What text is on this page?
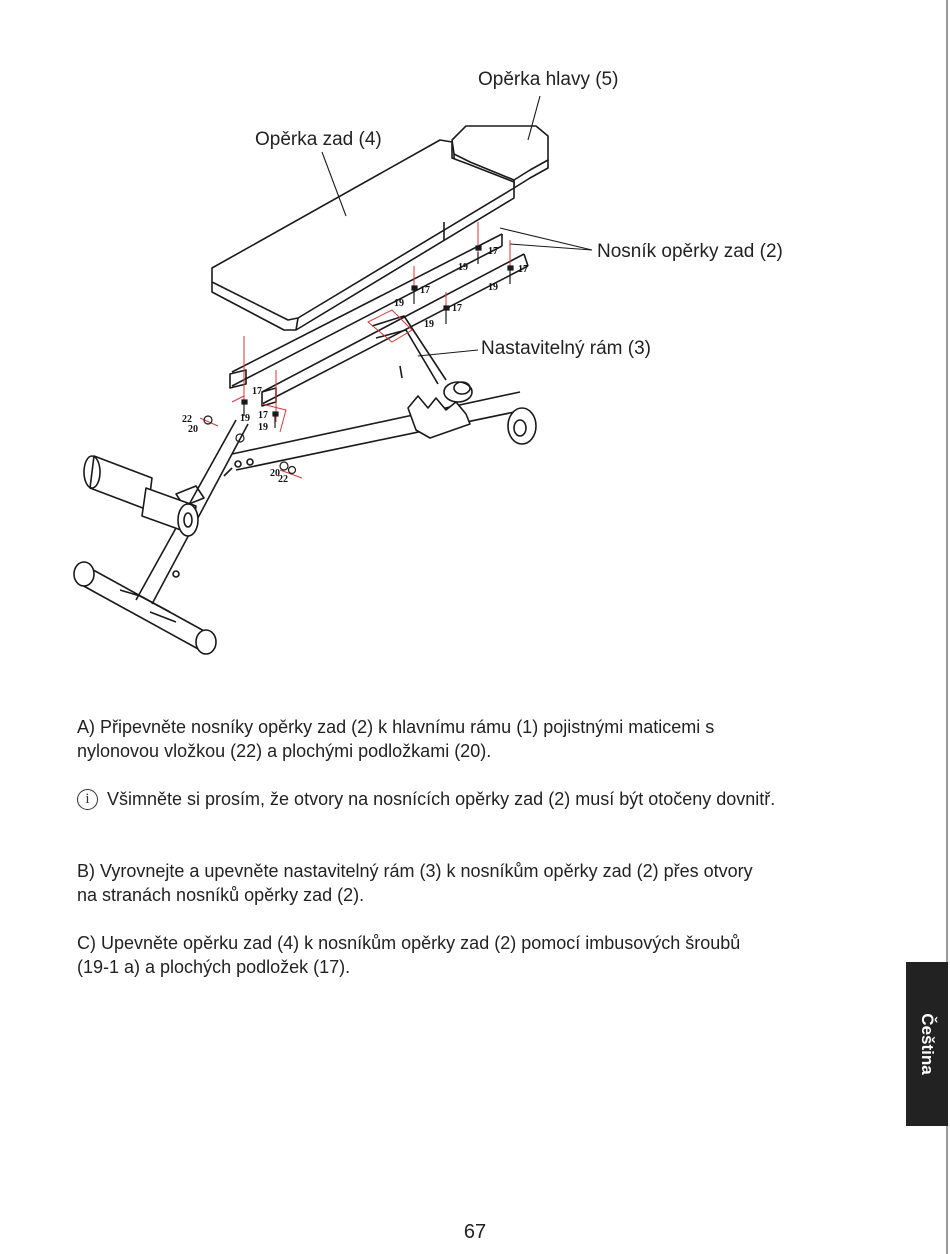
17
19	17
19
17
19	17
19
17
19 17
19
22
20
20
22
Opěrka hlavy (5)
Opěrka zad (4)
Nosník opěrky zad (2)
Nastavitelný rám (3)

A) Připevněte nosníky opěrky zad (2) k hlavnímu rámu (1) pojistnými maticemi s nylonovou vložkou (22) a plochými podložkami (20).

i Všimněte si prosím, že otvory na nosnících opěrky zad (2) musí být otočeny dovnitř.

B) Vyrovnejte a upevněte nastavitelný rám (3) k nosníkům opěrky zad (2) přes otvory na stranách nosníků opěrky zad (2).

C) Upevněte opěrku zad (4) k nosníkům opěrky zad (2) pomocí imbusových šroubů (19-1 a) a plochých podložek (17).

Čeština

67
